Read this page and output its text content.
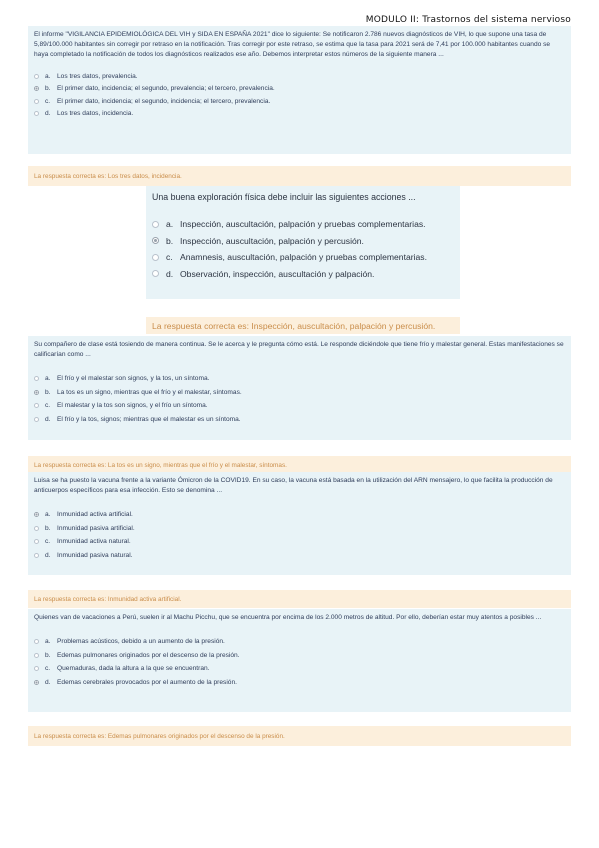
MODULO II: Trastornos del sistema nervioso
El informe "VIGILANCIA EPIDEMIOLÓGICA DEL VIH y SIDA EN ESPAÑA 2021" dice lo siguiente: Se notificaron 2.786 nuevos diagnósticos de VIH, lo que supone una tasa de 5,89/100.000 habitantes sin corregir por retraso en la notificación. Tras corregir por este retraso, se estima que la tasa para 2021 será de 7,41 por 100.000 habitantes cuando se haya completado la notificación de todos los diagnósticos realizados ese año. Debemos interpretar estos números de la siguiente manera ...
a. Los tres datos, prevalencia.
b. El primer dato, incidencia; el segundo, prevalencia; el tercero, prevalencia.
c.	El primer dato, incidencia; el segundo, incidencia; el tercero, prevalencia.
d. Los tres datos, incidencia.
La respuesta correcta es: Los tres datos, incidencia.
Una buena exploración física debe incluir las siguientes acciones ...
a. Inspección, auscultación, palpación y pruebas complementarias.
b. Inspección, auscultación, palpación y percusión.
c. Anamnesis, auscultación, palpación y pruebas complementarias.
d. Observación, inspección, auscultación y palpación.
La respuesta correcta es: Inspección, auscultación, palpación y percusión.
Su compañero de clase está tosiendo de manera continua. Se le acerca y le pregunta cómo está. Le responde diciéndole que tiene frío y malestar general. Estas manifestaciones se calificarían como ...
a. El frío y el malestar son signos, y la tos, un síntoma.
b. La tos es un signo, mientras que el frío y el malestar, síntomas.
c.	El malestar y la tos son signos, y el frío un síntoma.
d. El frío y la tos, signos; mientras que el malestar es un síntoma.
La respuesta correcta es: La tos es un signo, mientras que el frío y el malestar, síntomas.
Luisa se ha puesto la vacuna frente a la variante Ómicron de la COVID19. En su caso, la vacuna está basada en la utilización del ARN mensajero, lo que facilita la producción de anticuerpos específicos para esa infección. Esto se denomina ...
a. Inmunidad activa artificial.
b. Inmunidad pasiva artificial.
c.	Inmunidad activa natural.
d. Inmunidad pasiva natural.
La respuesta correcta es: Inmunidad activa artificial.
Quienes van de vacaciones a Perú, suelen ir al Machu Picchu, que se encuentra por encima de los 2.000 metros de altitud. Por ello, deberían estar muy atentos a posibles ...
a. Problemas acústicos, debido a un aumento de la presión.
b. Edemas pulmonares originados por el descenso de la presión.
c.	Quemaduras, dada la altura a la que se encuentran.
d. Edemas cerebrales provocados por el aumento de la presión.
La respuesta correcta es: Edemas pulmonares originados por el descenso de la presión.
